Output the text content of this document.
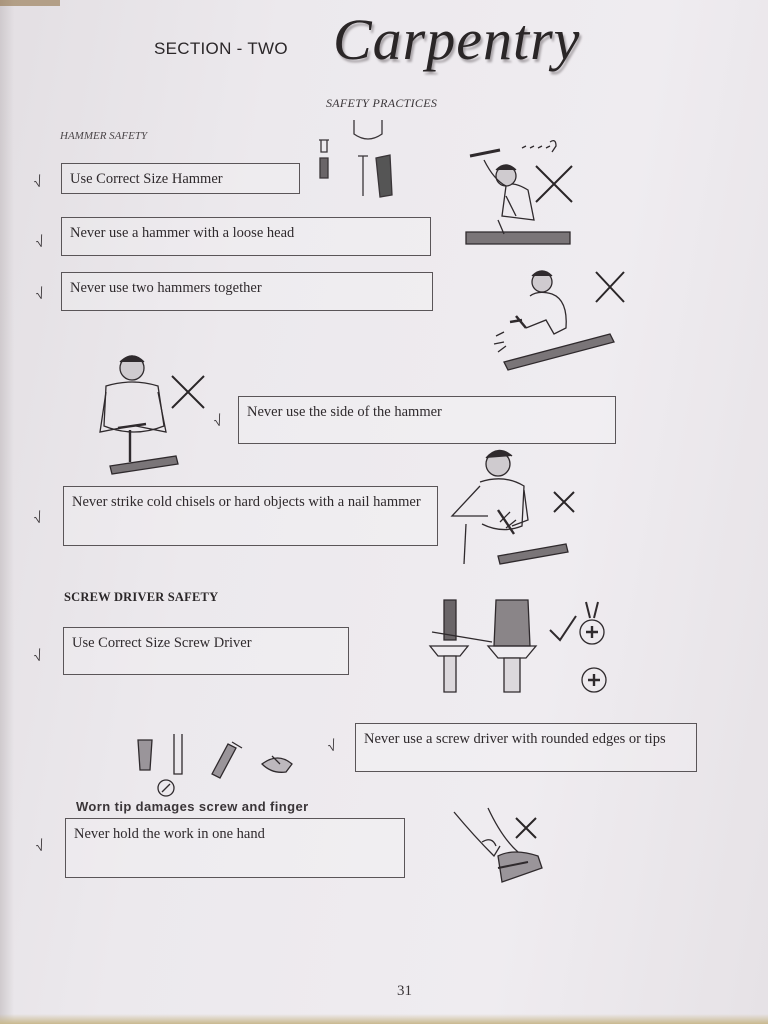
SECTION - TWO Carpentry
SAFETY PRACTICES
HAMMER SAFETY
√	Use Correct Size Hammer
√
Never use a hammer with a loose head
√	Never use two hammers together
√
Never use the side of the hammer
√
Never strike cold chisels or hard objects with a nail hammer
SCREW DRIVER SAFETY
√
Use Correct Size Screw Driver
√	Never use a screw driver with rounded edges or tips
Worn tip damages screw and finger
√
Never hold the work in one hand
31
